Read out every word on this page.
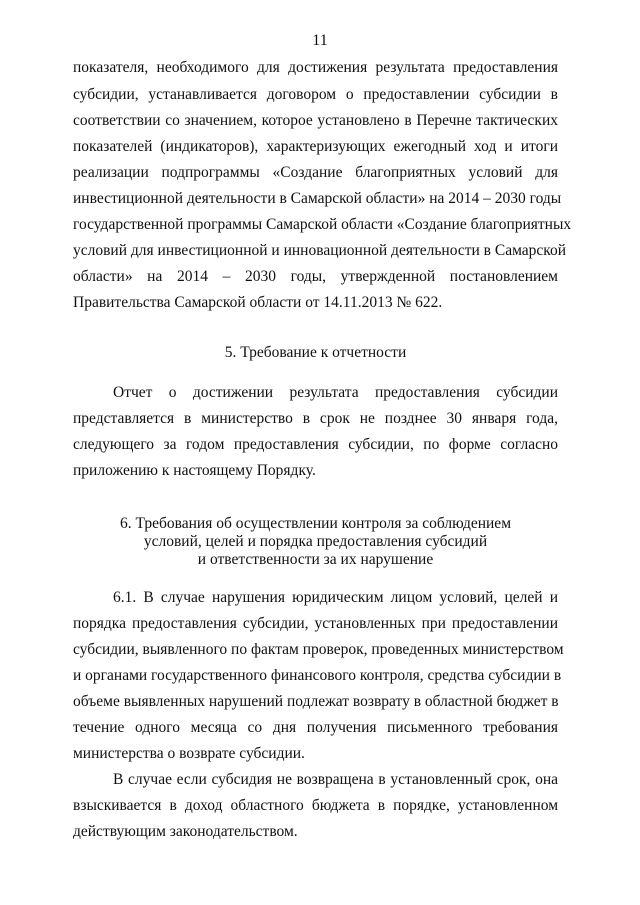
11
показателя, необходимого для достижения результата предоставления
субсидии, устанавливается договором о предоставлении субсидии в
соответствии со значением, которое установлено в Перечне тактических
показателей (индикаторов), характеризующих ежегодный ход и итоги
реализации подпрограммы «Создание благоприятных условий для
инвестиционной деятельности в Самарской области» на 2014 – 2030 годы
государственной программы Самарской области «Создание благоприятных
условий для инвестиционной и инновационной деятельности в Самарской
области» на 2014 – 2030 годы, утвержденной постановлением
Правительства Самарской области от 14.11.2013 № 622.
5. Требование к отчетности
Отчет о достижении результата предоставления субсидии
представляется в министерство в срок не позднее 30 января года,
следующего за годом предоставления субсидии, по форме согласно
приложению к настоящему Порядку.
6. Требования об осуществлении контроля за соблюдением
условий, целей и порядка предоставления субсидий
и ответственности за их нарушение
6.1. В случае нарушения юридическим лицом условий, целей и
порядка предоставления субсидии, установленных при предоставлении
субсидии, выявленного по фактам проверок, проведенных министерством
и органами государственного финансового контроля, средства субсидии в
объеме выявленных нарушений подлежат возврату в областной бюджет в
течение одного месяца со дня получения письменного требования
министерства о возврате субсидии.
В случае если субсидия не возвращена в установленный срок, она
взыскивается в доход областного бюджета в порядке, установленном
действующим законодательством.
